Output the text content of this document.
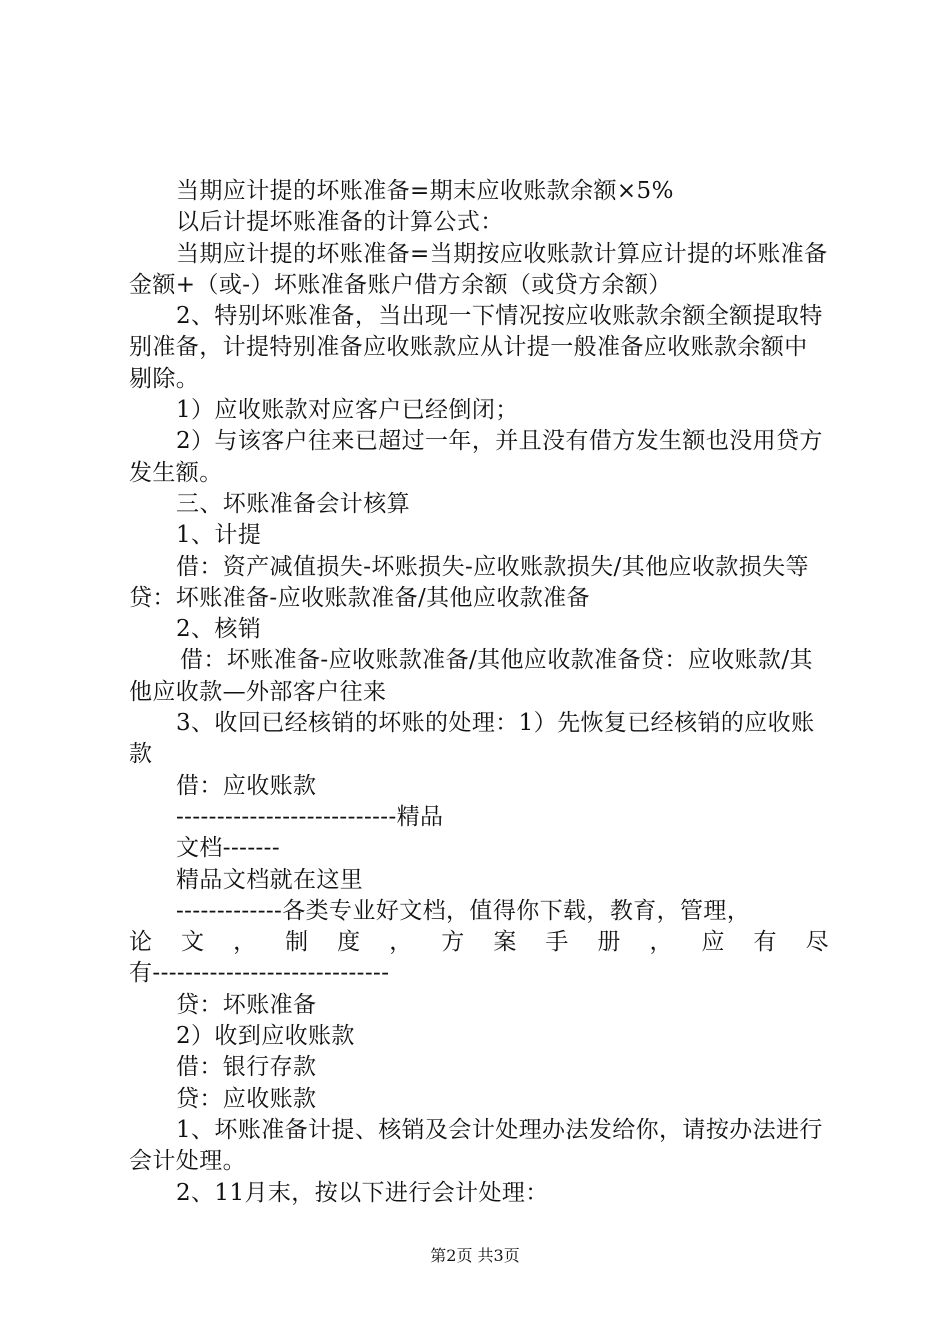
当期应计提的坏账准备=期末应收账款余额×5%

以后计提坏账准备的计算公式：

当期应计提的坏账准备=当期按应收账款计算应计提的坏账准备金额+（或-）坏账准备账户借方余额（或贷方余额）

2、特别坏账准备，当出现一下情况按应收账款余额全额提取特别准备，计提特别准备应收账款应从计提一般准备应收账款余额中剔除。

1）应收账款对应客户已经倒闭；

2）与该客户往来已超过一年，并且没有借方发生额也没用贷方发生额。

三、坏账准备会计核算

1、计提

借：资产减值损失-坏账损失-应收账款损失/其他应收款损失等贷：坏账准备-应收账款准备/其他应收款准备

2、核销

借：坏账准备-应收账款准备/其他应收款准备贷：应收账款/其他应收款—外部客户往来

3、收回已经核销的坏账的处理：1）先恢复已经核销的应收账款

借：应收账款

---------------------------精品

文档-------

精品文档就在这里

-------------各类专业好文档，值得你下载，教育，管理，

论文，制度，方案手册，应有尽

有-----------------------------

贷：坏账准备

2）收到应收账款

借：银行存款

贷：应收账款

1、坏账准备计提、核销及会计处理办法发给你，请按办法进行会计处理。

2、11月末，按以下进行会计处理：

第2页 共3页
